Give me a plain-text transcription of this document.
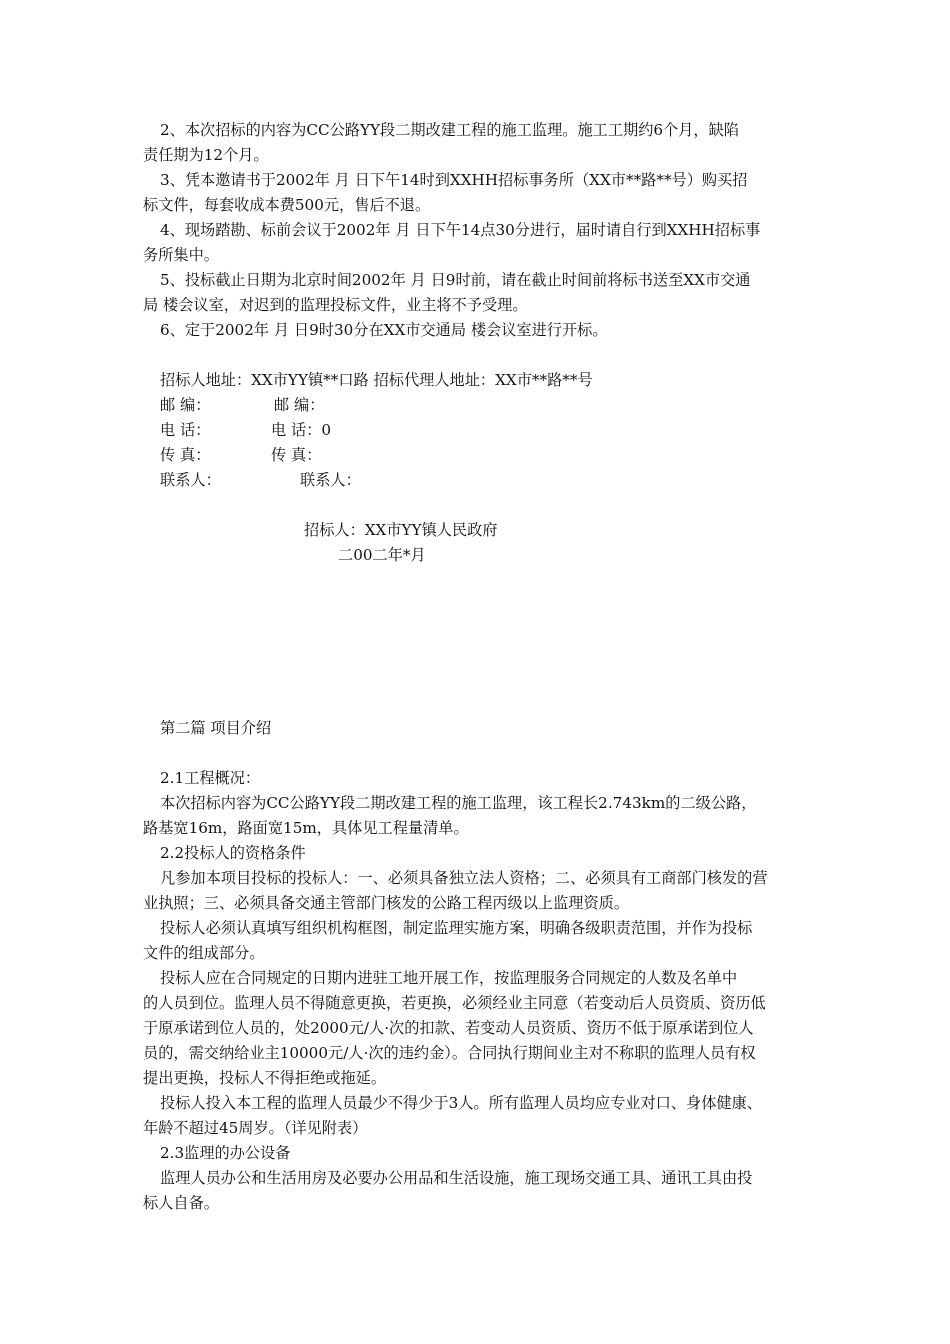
2、本次招标的内容为CC公路YY段二期改建工程的施工监理。施工工期约6个月，缺陷

责任期为12个月。

3、凭本邀请书于2002年 月 日下午14时到XXHH招标事务所（XX市**路**号）购买招

标文件，每套收成本费500元，售后不退。

4、现场踏勘、标前会议于2002年 月 日下午14点30分进行，届时请自行到XXHH招标事

务所集中。

5、投标截止日期为北京时间2002年 月 日9时前，请在截止时间前将标书送至XX市交通

局 楼会议室，对迟到的监理投标文件，业主将不予受理。

6、定于2002年 月 日9时30分在XX市交通局 楼会议室进行开标。

招标人地址：XX市YY镇**口路 招标代理人地址：XX市**路**号

邮 编：	邮 编：

电 话：	电 话：0

传 真：	传 真：

联系人：	联系人：

招标人：XX市YY镇人民政府

二00二年*月

第二篇 项目介绍

2.1工程概况：

本次招标内容为CC公路YY段二期改建工程的施工监理，该工程长2.743km的二级公路，

路基宽16m，路面宽15m，具体见工程量清单。

2.2投标人的资格条件

凡参加本项目投标的投标人：一、必须具备独立法人资格；二、必须具有工商部门核发的营

业执照；三、必须具备交通主管部门核发的公路工程丙级以上监理资质。

投标人必须认真填写组织机构框图，制定监理实施方案，明确各级职责范围，并作为投标

文件的组成部分。

投标人应在合同规定的日期内进驻工地开展工作，按监理服务合同规定的人数及名单中

的人员到位。监理人员不得随意更换，若更换，必须经业主同意（若变动后人员资质、资历低

于原承诺到位人员的，处2000元/人·次的扣款、若变动人员资质、资历不低于原承诺到位人

员的，需交纳给业主10000元/人·次的违约金）。合同执行期间业主对不称职的监理人员有权

提出更换，投标人不得拒绝或拖延。

投标人投入本工程的监理人员最少不得少于3人。所有监理人员均应专业对口、身体健康、

年龄不超过45周岁。（详见附表）

2.3监理的办公设备

监理人员办公和生活用房及必要办公用品和生活设施，施工现场交通工具、通讯工具由投

标人自备。
